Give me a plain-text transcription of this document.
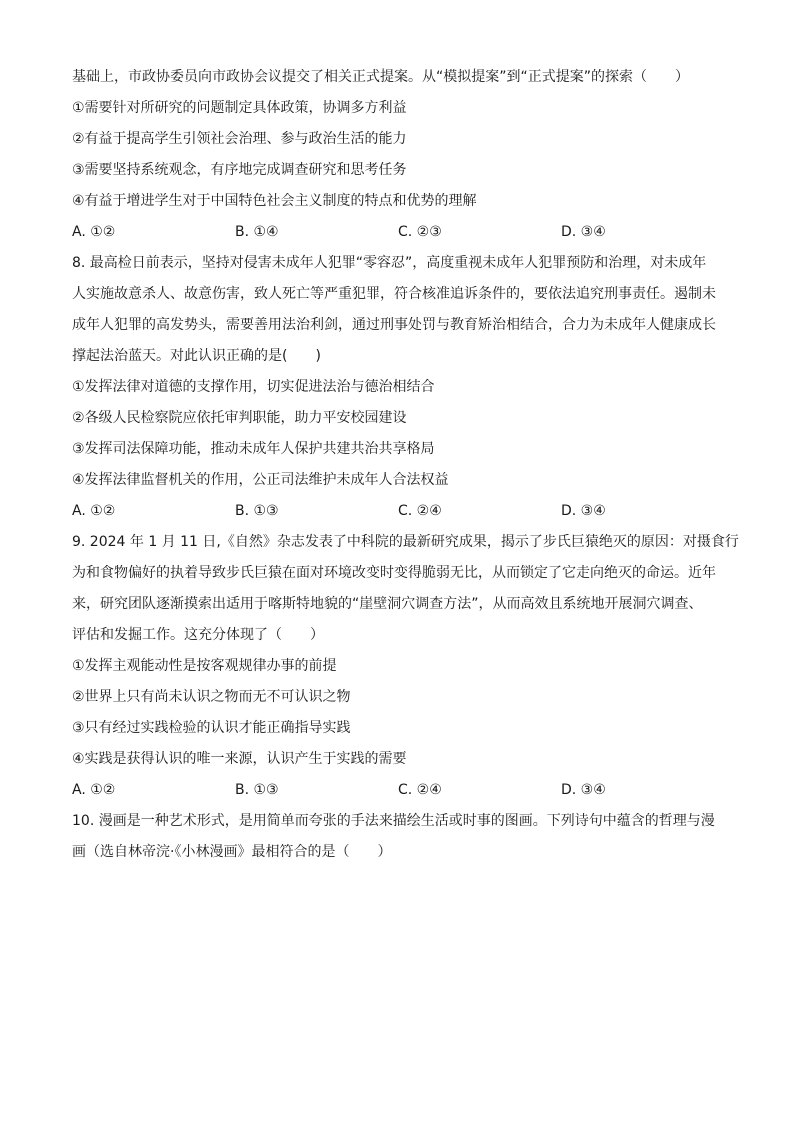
基础上，市政协委员向市政协会议提交了相关正式提案。从“模拟提案”到“正式提案”的探索（　　）
①需要针对所研究的问题制定具体政策，协调多方利益
②有益于提高学生引领社会治理、参与政治生活的能力
③需要坚持系统观念，有序地完成调查研究和思考任务
④有益于增进学生对于中国特色社会主义制度的特点和优势的理解
A. ①②	B. ①④	C. ②③	D. ③④
8. 最高检日前表示，坚持对侵害未成年人犯罪“零容忍”，高度重视未成年人犯罪预防和治理，对未成年
人实施故意杀人、故意伤害，致人死亡等严重犯罪，符合核准追诉条件的，要依法追究刑事责任。遏制未
成年人犯罪的高发势头，需要善用法治利剑，通过刑事处罚与教育矫治相结合，合力为未成年人健康成长
撑起法治蓝天。对此认识正确的是(　　)
①发挥法律对道德的支撑作用，切实促进法治与德治相结合
②各级人民检察院应依托审判职能，助力平安校园建设
③发挥司法保障功能，推动未成年人保护共建共治共享格局
④发挥法律监督机关的作用，公正司法维护未成年人合法权益
A. ①②	B. ①③	C. ②④	D. ③④
9. 2024 年 1 月 11 日,《自然》杂志发表了中科院的最新研究成果，揭示了步氏巨猿绝灭的原因：对摄食行
为和食物偏好的执着导致步氏巨猿在面对环境改变时变得脆弱无比，从而锁定了它走向绝灭的命运。近年
来，研究团队逐渐摸索出适用于喀斯特地貌的“崖壁洞穴调查方法”，从而高效且系统地开展洞穴调查、
评估和发掘工作。这充分体现了（　　）
①发挥主观能动性是按客观规律办事的前提
②世界上只有尚未认识之物而无不可认识之物
③只有经过实践检验的认识才能正确指导实践
④实践是获得认识的唯一来源，认识产生于实践的需要
A. ①②	B. ①③	C. ②④	D. ③④
10. 漫画是一种艺术形式，是用简单而夸张的手法来描绘生活或时事的图画。下列诗句中蕴含的哲理与漫
画（选自林帝浣·《小林漫画》最相符合的是（　　）
